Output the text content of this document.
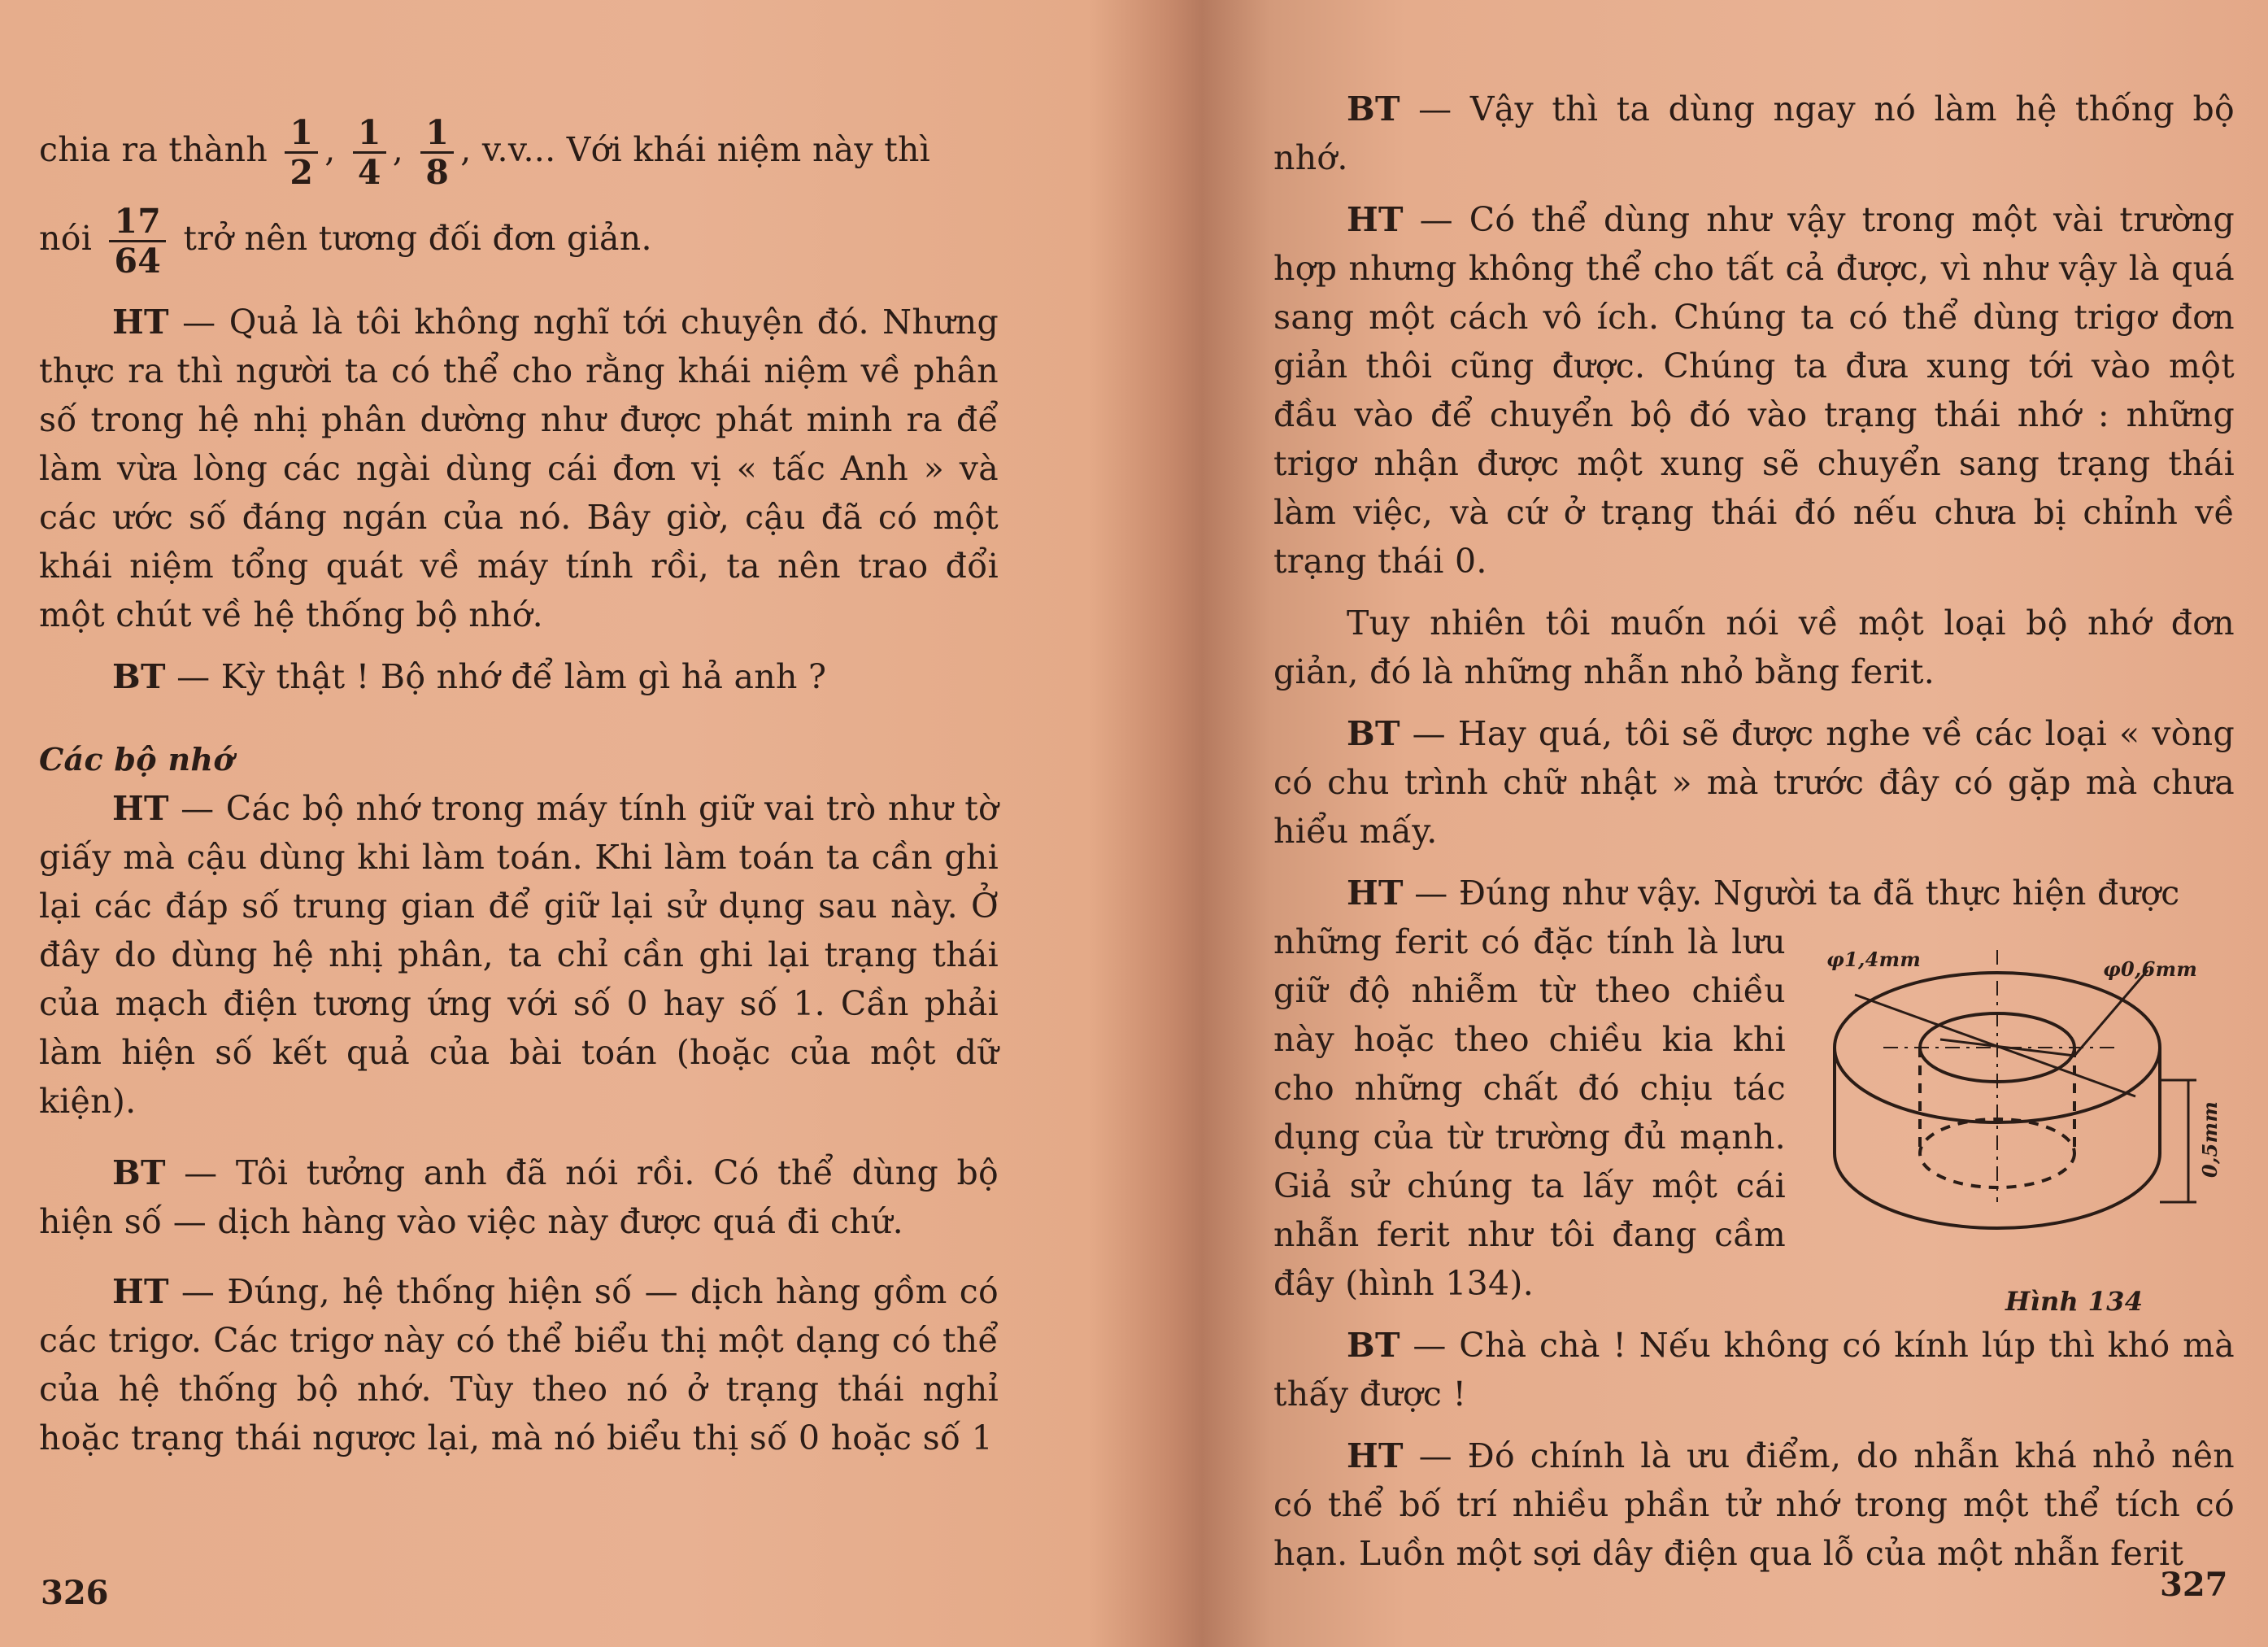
chia ra thành $\frac{1}{2}$ , $\frac{1}{4}$ , $\frac{1}{8}$ , v.v... Với khái niệm này thì

nói $\frac{17}{64}$ trở nên tương đối đơn giản.

HT — Quả là tôi không nghĩ tới chuyện đó. Nhưng thực ra thì người ta có thể cho rằng khái niệm về phân số trong hệ nhị phân dường như được phát minh ra để làm vừa lòng các ngài dùng cái đơn vị « tấc Anh » và các ước số đáng ngán của nó. Bây giờ, cậu đã có một khái niệm tổng quát về máy tính rồi, ta nên trao đổi một chút về hệ thống bộ nhớ.

BT — Kỳ thật ! Bộ nhớ để làm gì hả anh ?

Các bộ nhớ

HT — Các bộ nhớ trong máy tính giữ vai trò như tờ giấy mà cậu dùng khi làm toán. Khi làm toán ta cần ghi lại các đáp số trung gian để giữ lại sử dụng sau này. Ở đây do dùng hệ nhị phân, ta chỉ cần ghi lại trạng thái của mạch điện tương ứng với số 0 hay số 1. Cần phải làm hiện số kết quả của bài toán (hoặc của một dữ kiện).

BT — Tôi tưởng anh đã nói rồi. Có thể dùng bộ hiện số — dịch hàng vào việc này được quá đi chứ.

HT — Đúng, hệ thống hiện số — dịch hàng gồm có các trigơ. Các trigơ này có thể biểu thị một dạng có thể của hệ thống bộ nhớ. Tùy theo nó ở trạng thái nghỉ hoặc trạng thái ngược lại, mà nó biểu thị số 0 hoặc số 1

326

BT — Vậy thì ta dùng ngay nó làm hệ thống bộ nhớ.

HT — Có thể dùng như vậy trong một vài trường hợp nhưng không thể cho tất cả được, vì như vậy là quá sang một cách vô ích. Chúng ta có thể dùng trigơ đơn giản thôi cũng được. Chúng ta đưa xung tới vào một đầu vào để chuyển bộ đó vào trạng thái nhớ : những trigơ nhận được một xung sẽ chuyển sang trạng thái làm việc, và cứ ở trạng thái đó nếu chưa bị chỉnh về trạng thái 0.

Tuy nhiên tôi muốn nói về một loại bộ nhớ đơn giản, đó là những nhẫn nhỏ bằng ferit.

BT — Hay quá, tôi sẽ được nghe về các loại « vòng có chu trình chữ nhật » mà trước đây có gặp mà chưa hiểu mấy.

HT — Đúng như vậy. Người ta đã thực hiện được

những ferit có đặc tính là lưu giữ độ nhiễm từ theo chiều này hoặc theo chiều kia khi cho những chất đó chịu tác dụng của từ trường đủ mạnh. Giả sử chúng ta lấy một cái nhẫn ferit như tôi đang cầm đây (hình 134).

φ1,4mm	φ0,6mm
0,5mm
Hình 134

BT — Chà chà ! Nếu không có kính lúp thì khó mà thấy được !

HT — Đó chính là ưu điểm, do nhẫn khá nhỏ nên có thể bố trí nhiều phần tử nhớ trong một thể tích có hạn. Luồn một sợi dây điện qua lỗ của một nhẫn ferit

327
